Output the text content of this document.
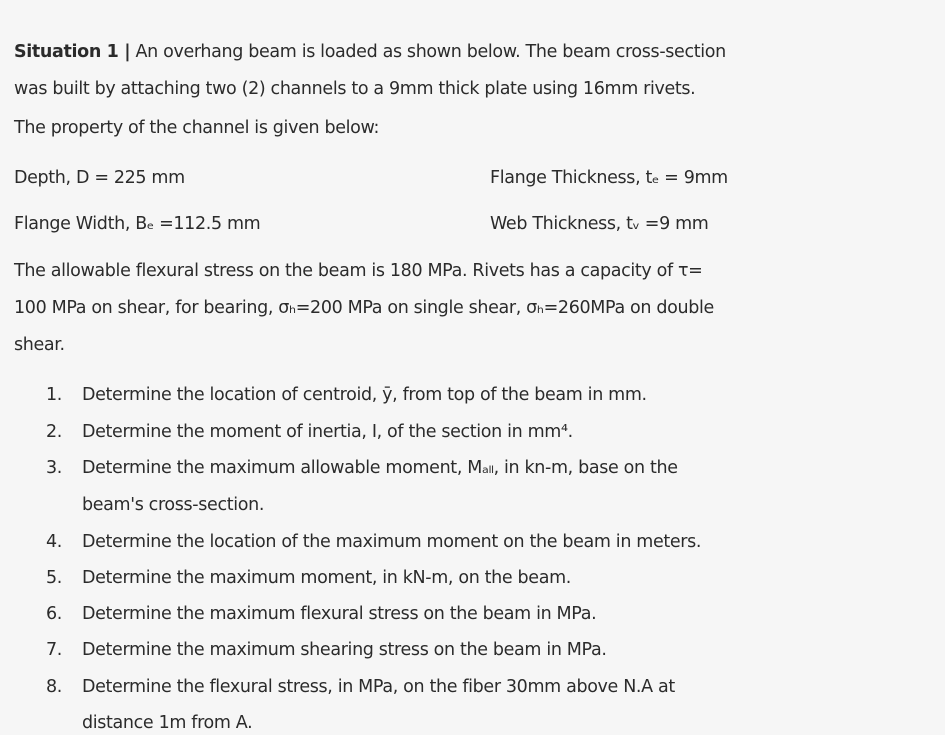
Situation 1 | An overhang beam is loaded as shown below. The beam cross-section
was built by attaching two (2) channels to a 9mm thick plate using 16mm rivets.
The property of the channel is given below:
Depth, D = 225 mm	Flange Thickness, tₑ = 9mm
Flange Width, Bₑ =112.5 mm	Web Thickness, tᵥ =9 mm
The allowable flexural stress on the beam is 180 MPa. Rivets has a capacity of τ=
100 MPa on shear, for bearing, σₕ=200 MPa on single shear, σₕ=260MPa on double
shear.
1. Determine the location of centroid, ȳ, from top of the beam in mm.
2. Determine the moment of inertia, I, of the section in mm⁴.
3. Determine the maximum allowable moment, Mₐₗₗ, in kn-m, base on the
beam's cross-section.
4. Determine the location of the maximum moment on the beam in meters.
5. Determine the maximum moment, in kN-m, on the beam.
6. Determine the maximum flexural stress on the beam in MPa.
7. Determine the maximum shearing stress on the beam in MPa.
8. Determine the flexural stress, in MPa, on the fiber 30mm above N.A at
distance 1m from A.
